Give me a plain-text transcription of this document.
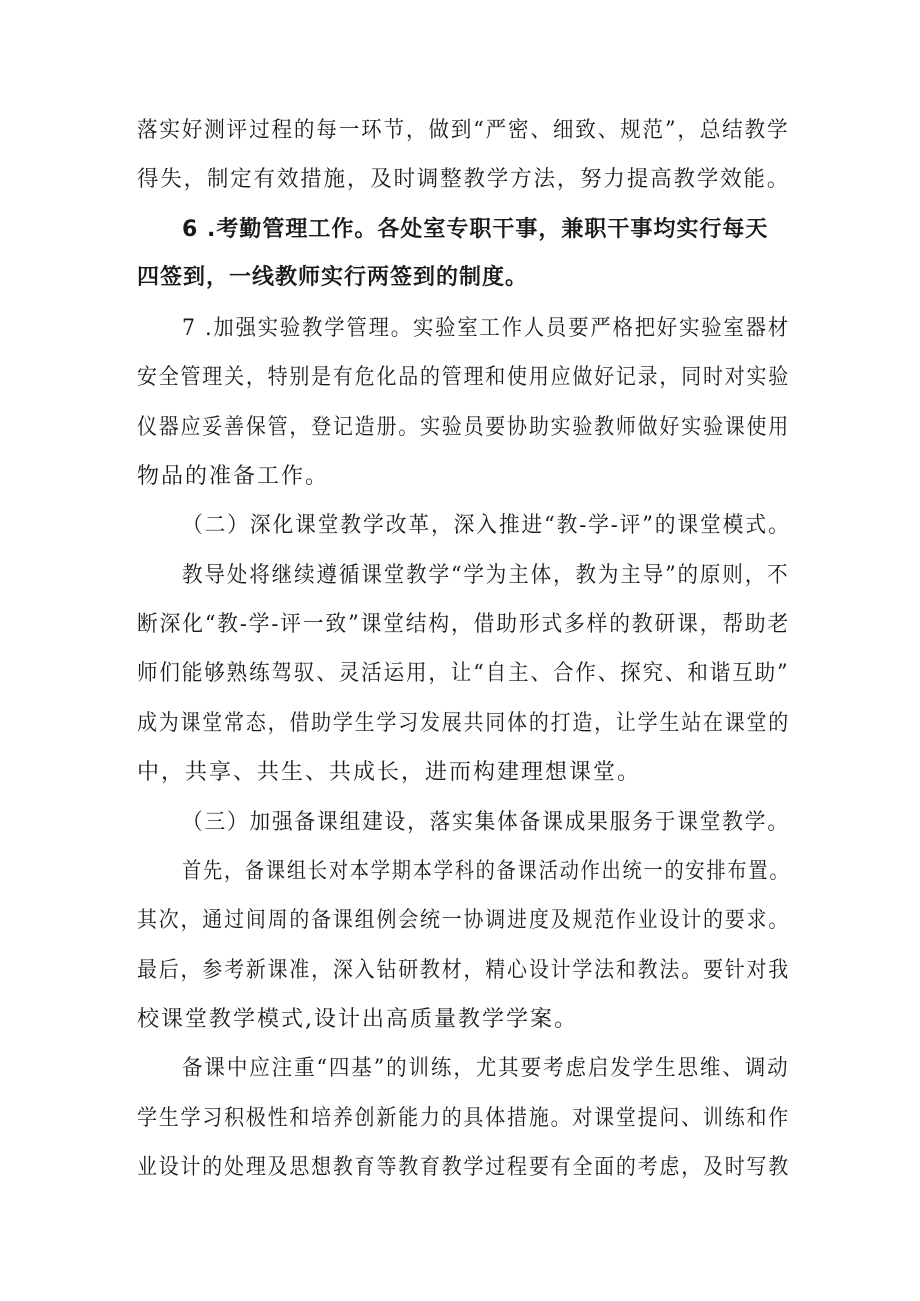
落实好测评过程的每一环节，做到“严密、细致、规范”，总结教学
得失，制定有效措施，及时调整教学方法，努力提高教学效能。
6 .考勤管理工作。各处室专职干事，兼职干事均实行每天
四签到，一线教师实行两签到的制度。
7 .加强实验教学管理。实验室工作人员要严格把好实验室器材
安全管理关，特别是有危化品的管理和使用应做好记录，同时对实验
仪器应妥善保管，登记造册。实验员要协助实验教师做好实验课使用
物品的准备工作。
（二）深化课堂教学改革，深入推进“教-学-评”的课堂模式。
教导处将继续遵循课堂教学“学为主体，教为主导”的原则，不
断深化“教-学-评一致”课堂结构，借助形式多样的教研课，帮助老
师们能够熟练驾驭、灵活运用，让“自主、合作、探究、和谐互助”
成为课堂常态，借助学生学习发展共同体的打造，让学生站在课堂的
中，共享、共生、共成长，进而构建理想课堂。
（三）加强备课组建设，落实集体备课成果服务于课堂教学。
首先，备课组长对本学期本学科的备课活动作出统一的安排布置。
其次，通过间周的备课组例会统一协调进度及规范作业设计的要求。
最后，参考新课准，深入钻研教材，精心设计学法和教法。要针对我
校课堂教学模式,设计出高质量教学学案。
备课中应注重“四基”的训练，尤其要考虑启发学生思维、调动
学生学习积极性和培养创新能力的具体措施。对课堂提问、训练和作
业设计的处理及思想教育等教育教学过程要有全面的考虑，及时写教
